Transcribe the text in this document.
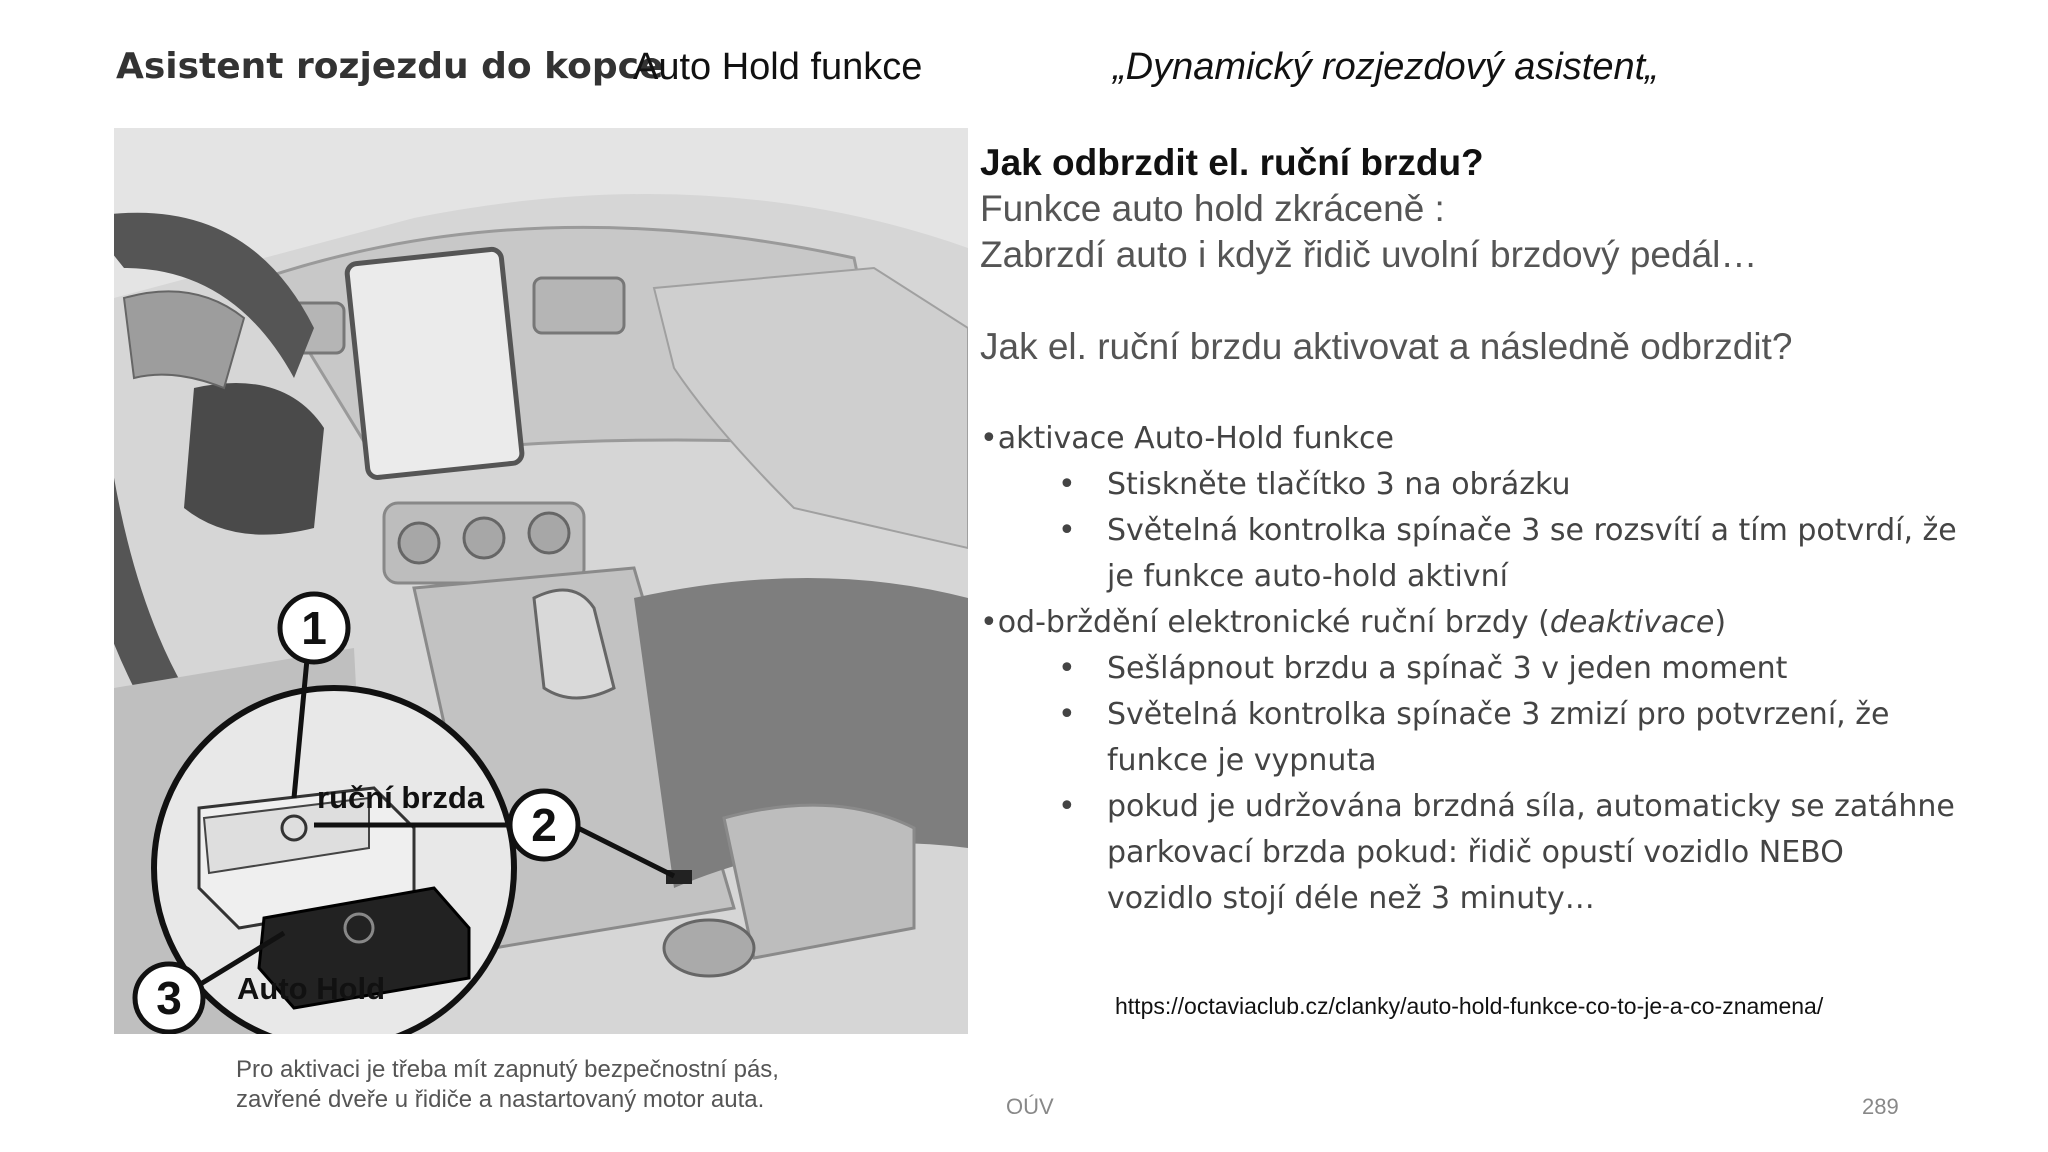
Asistent rozjezdu do kopce
Auto Hold funkce	„Dynamický rozjezdový asistent„
1
2
3
ruční brzda
Auto Hold
Pro aktivaci je třeba mít zapnutý bezpečnostní pás,
zavřené dveře u řidiče a nastartovaný motor auta.
Jak odbrzdit el. ruční brzdu?
Funkce auto hold zkráceně :
Zabrzdí auto i když řidič uvolní brzdový pedál…
Jak el. ruční brzdu aktivovat a následně odbrzdit?
•aktivace Auto-Hold funkce
• Stiskněte tlačítko 3 na obrázku
• Světelná kontrolka spínače 3 se rozsvítí a tím potvrdí, že
je funkce auto-hold aktivní
•od-brždění elektronické ruční brzdy (deaktivace)
• Sešlápnout brzdu a spínač 3 v jeden moment
• Světelná kontrolka spínače 3 zmizí pro potvrzení, že
funkce je vypnuta
• pokud je udržována brzdná síla, automaticky se zatáhne
parkovací brzda pokud: řidič opustí vozidlo NEBO
vozidlo stojí déle než 3 minuty…
https://octaviaclub.cz/clanky/auto-hold-funkce-co-to-je-a-co-znamena/
OÚV	289
